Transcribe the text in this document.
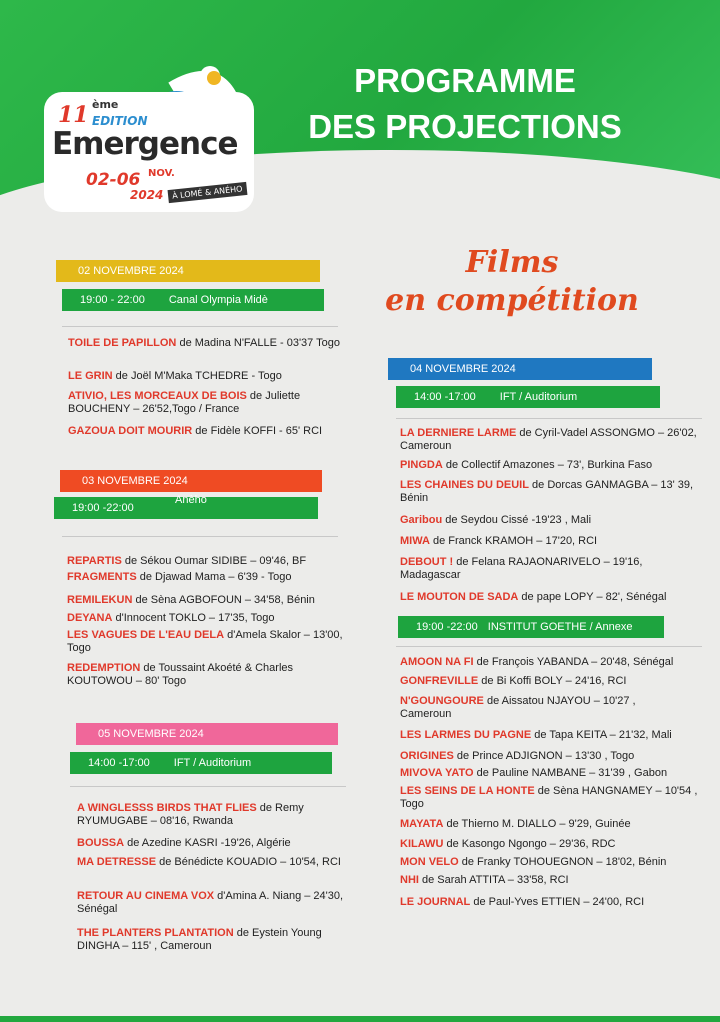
11 ème
EDITION
Emergence
02-06 NOV.
2024	À LOMÉ & ANÉHO
PROGRAMME
DES PROJECTIONS
Films
en compétition
02 NOVEMBRE 2024
19:00 - 22:00 Canal Olympia Midè
TOILE DE PAPILLON de Madina N'FALLE - 03'37 Togo
LE GRIN de Joël M'Maka TCHEDRE - Togo
ATIVIO, LES MORCEAUX DE BOIS de Juliette BOUCHENY – 26'52,Togo / France
GAZOUA DOIT MOURIR de Fidèle KOFFI - 65' RCI
03 NOVEMBRE 2024
19:00 -22:00
Anèho
REPARTIS de Sékou Oumar SIDIBE – 09'46, BF
FRAGMENTS de Djawad Mama – 6'39 - Togo
REMILEKUN de Sèna AGBOFOUN – 34'58, Bénin
DEYANA d'Innocent TOKLO – 17'35, Togo
LES VAGUES DE L'EAU DELA d'Amela Skalor – 13'00, Togo
REDEMPTION de Toussaint Akoété & Charles KOUTOWOU – 80' Togo
05 NOVEMBRE 2024
14:00 -17:00 IFT / Auditorium
A WINGLESSS BIRDS THAT FLIES de Remy RYUMUGABE – 08'16, Rwanda
BOUSSA de Azedine KASRI -19'26, Algérie
MA DETRESSE de Bénédicte KOUADIO – 10'54, RCI
RETOUR AU CINEMA VOX d'Amina A. Niang – 24'30, Sénégal
THE PLANTERS PLANTATION de Eystein Young DINGHA – 115' , Cameroun
04 NOVEMBRE 2024
14:00 -17:00 IFT / Auditorium
LA DERNIERE LARME de Cyril-Vadel ASSONGMO – 26'02, Cameroun
PINGDA de Collectif Amazones – 73', Burkina Faso
LES CHAINES DU DEUIL de Dorcas GANMAGBA – 13' 39, Bénin
Garibou de Seydou Cissé -19'23 , Mali
MIWA de Franck KRAMOH – 17'20, RCI
DEBOUT ! de Felana RAJAONARIVELO – 19'16, Madagascar
LE MOUTON DE SADA de pape LOPY – 82', Sénégal
19:00 -22:00 INSTITUT GOETHE / Annexe
AMOON NA FI de François YABANDA – 20'48, Sénégal
GONFREVILLE de Bi Koffi BOLY – 24'16, RCI
N'GOUNGOURE de Aissatou NJAYOU – 10'27 , Cameroun
LES LARMES DU PAGNE de Tapa KEITA – 21'32, Mali
ORIGINES de Prince ADJIGNON – 13'30 , Togo
MIVOVA YATO de Pauline NAMBANE – 31'39 , Gabon
LES SEINS DE LA HONTE de Sèna HANGNAMEY – 10'54 , Togo
MAYATA de Thierno M. DIALLO – 9'29, Guinée
KILAWU de Kasongo Ngongo – 29'36, RDC
MON VELO de Franky TOHOUEGNON – 18'02, Bénin
NHI de Sarah ATTITA – 33'58, RCI
LE JOURNAL de Paul-Yves ETTIEN – 24'00, RCI
